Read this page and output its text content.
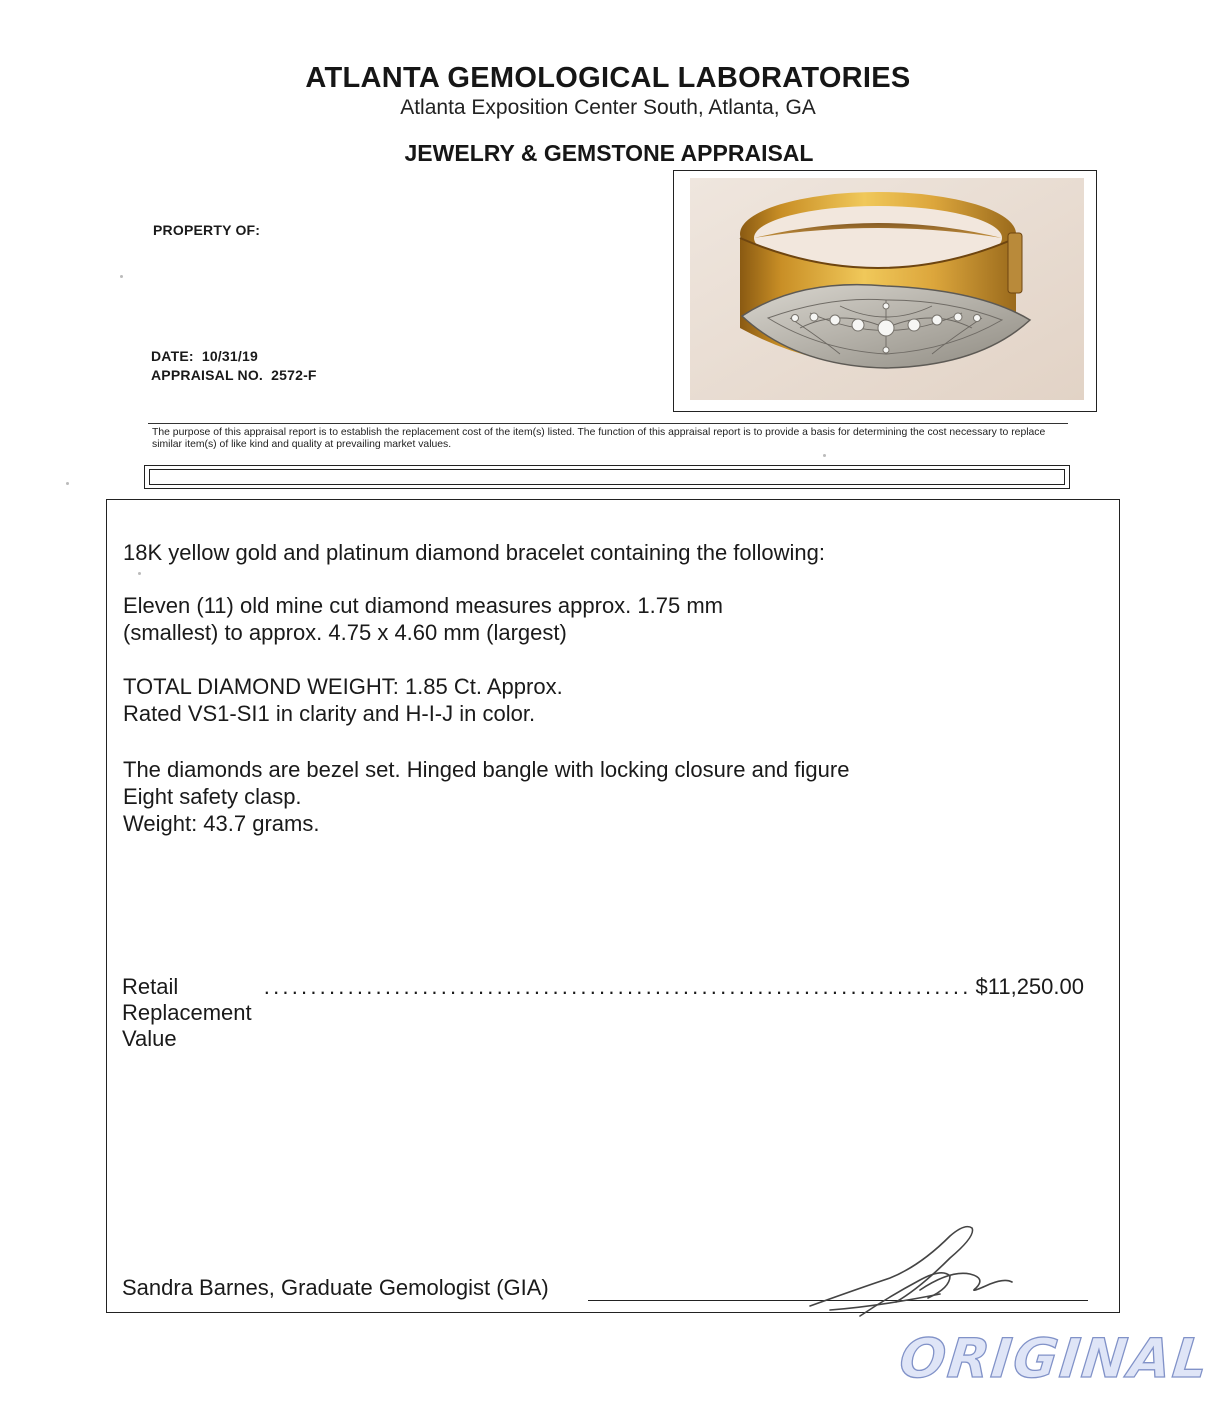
ATLANTA GEMOLOGICAL LABORATORIES
Atlanta Exposition Center South, Atlanta, GA
JEWELRY & GEMSTONE APPRAISAL
PROPERTY OF:
DATE: 10/31/19
APPRAISAL NO. 2572-F
The purpose of this appraisal report is to establish the replacement cost of the item(s) listed. The function of this appraisal report is to provide a basis for determining the cost necessary to replace similar item(s) of like kind and quality at prevailing market values.
18K yellow gold and platinum diamond bracelet containing the following:
Eleven (11) old mine cut diamond measures approx. 1.75 mm
(smallest) to approx. 4.75 x 4.60 mm (largest)
TOTAL DIAMOND WEIGHT: 1.85 Ct. Approx.
Rated VS1-SI1 in clarity and H-I-J in color.
The diamonds are bezel set. Hinged bangle with locking closure and figure
Eight safety clasp.
Weight: 43.7 grams.
Retail Replacement Value
............................................................................ $11,250.00
Sandra Barnes, Graduate Gemologist (GIA)
ORIGINAL
